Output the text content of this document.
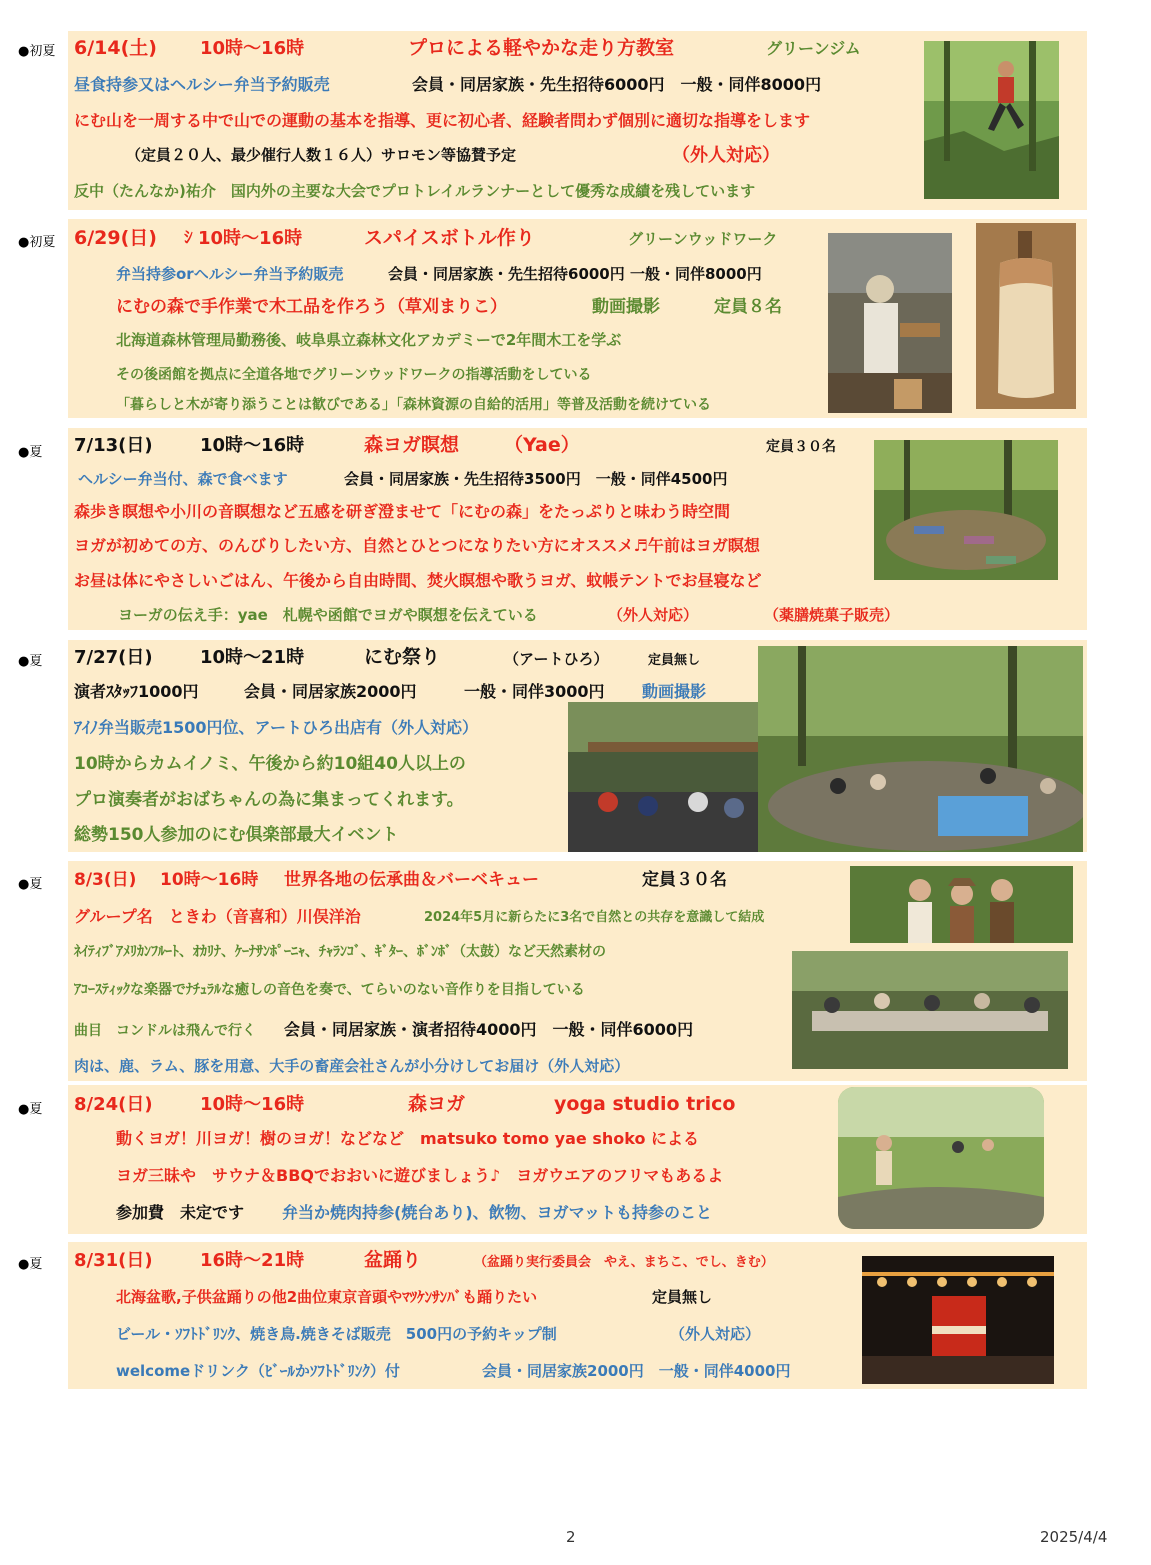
●初夏 6/14(土) 10時～16時	プロによる軽やかな走り方教室	グリーンジム
昼食持参又はヘルシー弁当予約販売	会員・同居家族・先生招待6000円　一般・同伴8000円
にむ山を一周する中で山での運動の基本を指導、更に初心者、経験者問わず個別に適切な指導をします
（定員２０人、最少催行人数１６人）サロモン等協賛予定	（外人対応）
反中（たんなか)祐介　国内外の主要な大会でプロトレイルランナーとして優秀な成績を残しています
●初夏 6/29(日) ｼ 10時～16時	スパイスボトル作り	グリーンウッドワーク
弁当持参orヘルシー弁当予約販売	会員・同居家族・先生招待6000円 一般・同伴8000円
にむの森で手作業で木工品を作ろう（草刈まりこ）	動画撮影	定員８名
北海道森林管理局勤務後、岐阜県立森林文化アカデミーで2年間木工を学ぶ
その後函館を拠点に全道各地でグリーンウッドワークの指導活動をしている
「暮らしと木が寄り添うことは歓びである」「森林資源の自給的活用」等普及活動を続けている
●夏 7/13(日)	10時～16時	森ヨガ瞑想 （Yae）	定員３０名
ヘルシー弁当付、森で食べます	会員・同居家族・先生招待3500円　一般・同伴4500円
森歩き瞑想や小川の音瞑想など五感を研ぎ澄ませて「にむの森」をたっぷりと味わう時空間
ヨガが初めての方、のんびりしたい方、自然とひとつになりたい方にオススメ♬午前はヨガ瞑想
お昼は体にやさしいごはん、午後から自由時間、焚火瞑想や歌うヨガ、蚊帳テントでお昼寝など
ヨーガの伝え手：yae　札幌や函館でヨガや瞑想を伝えている	（外人対応）	（薬膳焼菓子販売）
●夏 7/27(日)	10時～21時	にむ祭り	（アートひろ）	定員無し
演者ｽﾀｯﾌ1000円	会員・同居家族2000円	一般・同伴3000円 動画撮影
ｱｲﾉ弁当販売1500円位、アートひろ出店有（外人対応）
10時からカムイノミ、午後から約10組40人以上の
プロ演奏者がおばちゃんの為に集まってくれます。
総勢150人参加のにむ倶楽部最大イベント
●夏 8/3(日) 10時～16時 世界各地の伝承曲＆バーベキュー	定員３０名
グループ名　ときわ（音喜和）川俣洋治	2024年5月に新らたに3名で自然との共存を意識して結成
ﾈｲﾃｨﾌﾞｱﾒﾘｶﾝﾌﾙｰﾄ、ｵｶﾘﾅ、ｹｰﾅｻﾝﾎﾟｰﾆｬ、ﾁｬﾗﾝｺﾞ、ｷﾞﾀｰ、ﾎﾞﾝﾎﾞ（太鼓）など天然素材の
ｱｺｰｽﾃｨｯｸな楽器でﾅﾁｭﾗﾙな癒しの音色を奏で、てらいのない音作りを目指している
曲目　コンドルは飛んで行く 会員・同居家族・演者招待4000円　一般・同伴6000円
肉は、鹿、ラム、豚を用意、大手の畜産会社さんが小分けしてお届け（外人対応）
●夏 8/24(日)	10時～16時	森ヨガ	yoga studio trico
動くヨガ！川ヨガ！樹のヨガ！などなど　matsuko tomo yae shoko による
ヨガ三昧や　サウナ＆BBQでおおいに遊びましょう♪　ヨガウエアのフリマもあるよ
参加費　未定です 弁当か焼肉持参(焼台あり)、飲物、ヨガマットも持参のこと
●夏 8/31(日)	16時～21時	盆踊り	（盆踊り実行委員会　やえ、まちこ、でし、きむ）
北海盆歌,子供盆踊りの他2曲位東京音頭やﾏﾂｹﾝｻﾝﾊﾞも踊りたい	定員無し
ビール・ｿﾌﾄﾄﾞﾘﾝｸ、焼き鳥.焼きそば販売　500円の予約キップ制	（外人対応）
welcomeドリンク（ﾋﾞｰﾙかｿﾌﾄﾄﾞﾘﾝｸ）付	会員・同居家族2000円　一般・同伴4000円
2	2025/4/4
